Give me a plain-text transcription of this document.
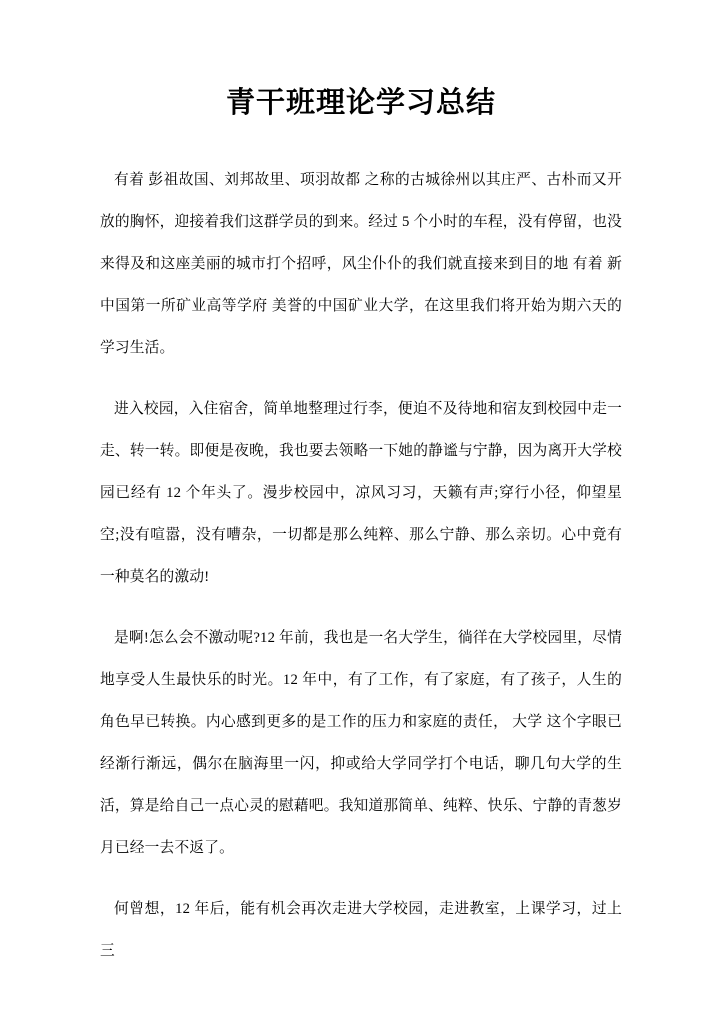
青干班理论学习总结

有着 彭祖故国、刘邦故里、项羽故都 之称的古城徐州以其庄严、古朴而又开放的胸怀，迎接着我们这群学员的到来。经过 5 个小时的车程，没有停留，也没来得及和这座美丽的城市打个招呼，风尘仆仆的我们就直接来到目的地 有着 新中国第一所矿业高等学府 美誉的中国矿业大学，在这里我们将开始为期六天的学习生活。

进入校园，入住宿舍，简单地整理过行李，便迫不及待地和宿友到校园中走一走、转一转。即便是夜晚，我也要去领略一下她的静谧与宁静，因为离开大学校园已经有 12 个年头了。漫步校园中，凉风习习，天籁有声;穿行小径，仰望星空;没有喧嚣，没有嘈杂，一切都是那么纯粹、那么宁静、那么亲切。心中竟有一种莫名的激动!

是啊!怎么会不激动呢?12 年前，我也是一名大学生，徜徉在大学校园里，尽情地享受人生最快乐的时光。12 年中，有了工作，有了家庭，有了孩子，人生的角色早已转换。内心感到更多的是工作的压力和家庭的责任， 大学 这个字眼已经渐行渐远，偶尔在脑海里一闪，抑或给大学同学打个电话，聊几句大学的生活，算是给自己一点心灵的慰藉吧。我知道那简单、纯粹、快乐、宁静的青葱岁月已经一去不返了。

何曾想，12 年后，能有机会再次走进大学校园，走进教室，上课学习，过上 三
